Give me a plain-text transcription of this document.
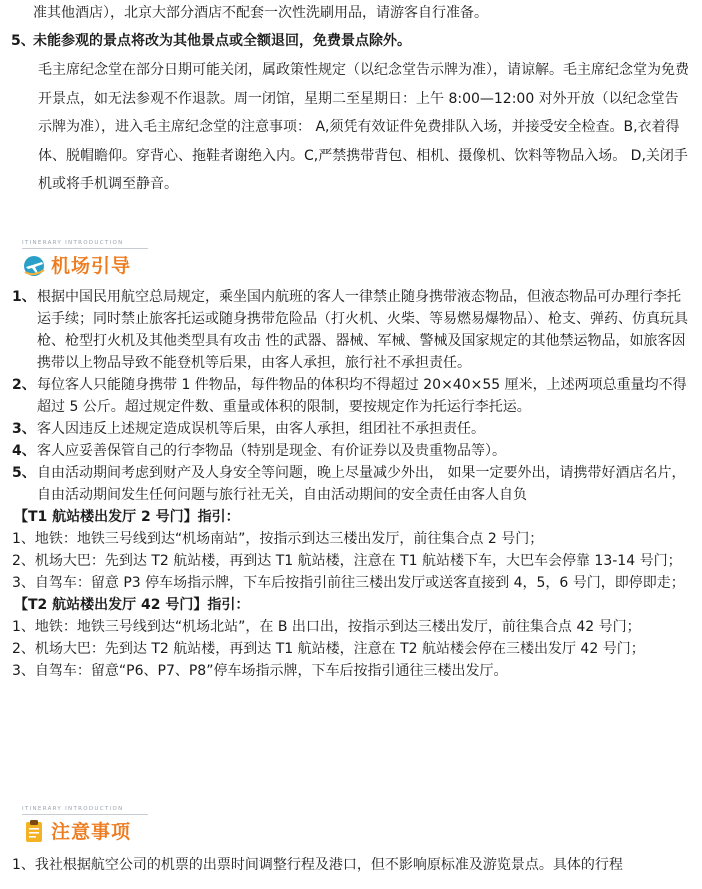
准其他酒店），北京大部分酒店不配套一次性洗刷用品，请游客自行准备。

5、未能参观的景点将改为其他景点或全额退回，免费景点除外。

毛主席纪念堂在部分日期可能关闭，属政策性规定（以纪念堂告示牌为准），请谅解。毛主席纪念堂为免费开景点，如无法参观不作退款。周一闭馆，星期二至星期日：上午 8:00—12:00 对外开放（以纪念堂告示牌为准），进入毛主席纪念堂的注意事项： A,须凭有效证件免费排队入场，并接受安全检查。B,衣着得体、脱帽瞻仰。穿背心、拖鞋者谢绝入内。C,严禁携带背包、相机、摄像机、饮料等物品入场。 D,关闭手机或将手机调至静音。

ITINERARY INTRODUCTION
机场引导
1、 根据中国民用航空总局规定，乘坐国内航班的客人一律禁止随身携带液态物品，但液态物品可办理行李托运手续；同时禁止旅客托运或随身携带危险品（打火机、火柴、等易燃易爆物品）、枪支、弹药、仿真玩具枪、枪型打火机及其他类型具有攻击 性的武器、器械、军械、警械及国家规定的其他禁运物品，如旅客因携带以上物品导致不能登机等后果，由客人承担，旅行社不承担责任。
2、 每位客人只能随身携带 1 件物品，每件物品的体积均不得超过 20×40×55 厘米，上述两项总重量均不得超过 5 公斤。超过规定件数、重量或体积的限制，要按规定作为托运行李托运。
3、 客人因违反上述规定造成误机等后果，由客人承担，组团社不承担责任。
4、 客人应妥善保管自己的行李物品（特别是现金、有价证券以及贵重物品等）。
5、 自由活动期间考虑到财产及人身安全等问题，晚上尽量减少外出， 如果一定要外出，请携带好酒店名片，自由活动期间发生任何问题与旅行社无关，自由活动期间的安全责任由客人自负
【T1 航站楼出发厅 2 号门】指引：
1、地铁：地铁三号线到达“机场南站”，按指示到达三楼出发厅，前往集合点 2 号门；
2、机场大巴：先到达 T2 航站楼，再到达 T1 航站楼，注意在 T1 航站楼下车，大巴车会停靠 13-14 号门；
3、自驾车：留意 P3 停车场指示牌，下车后按指引前往三楼出发厅或送客直接到 4，5，6 号门，即停即走；
【T2 航站楼出发厅 42 号门】指引：
1、地铁：地铁三号线到达“机场北站”，在 B 出口出，按指示到达三楼出发厅，前往集合点 42 号门；
2、机场大巴：先到达 T2 航站楼，再到达 T1 航站楼，注意在 T2 航站楼会停在三楼出发厅 42 号门；
3、自驾车：留意“P6、P7、P8”停车场指示牌，下车后按指引通往三楼出发厅。
ITINERARY INTRODUCTION
注意事项
1、我社根据航空公司的机票的出票时间调整行程及港口，但不影响原标准及游览景点。具体的行程
